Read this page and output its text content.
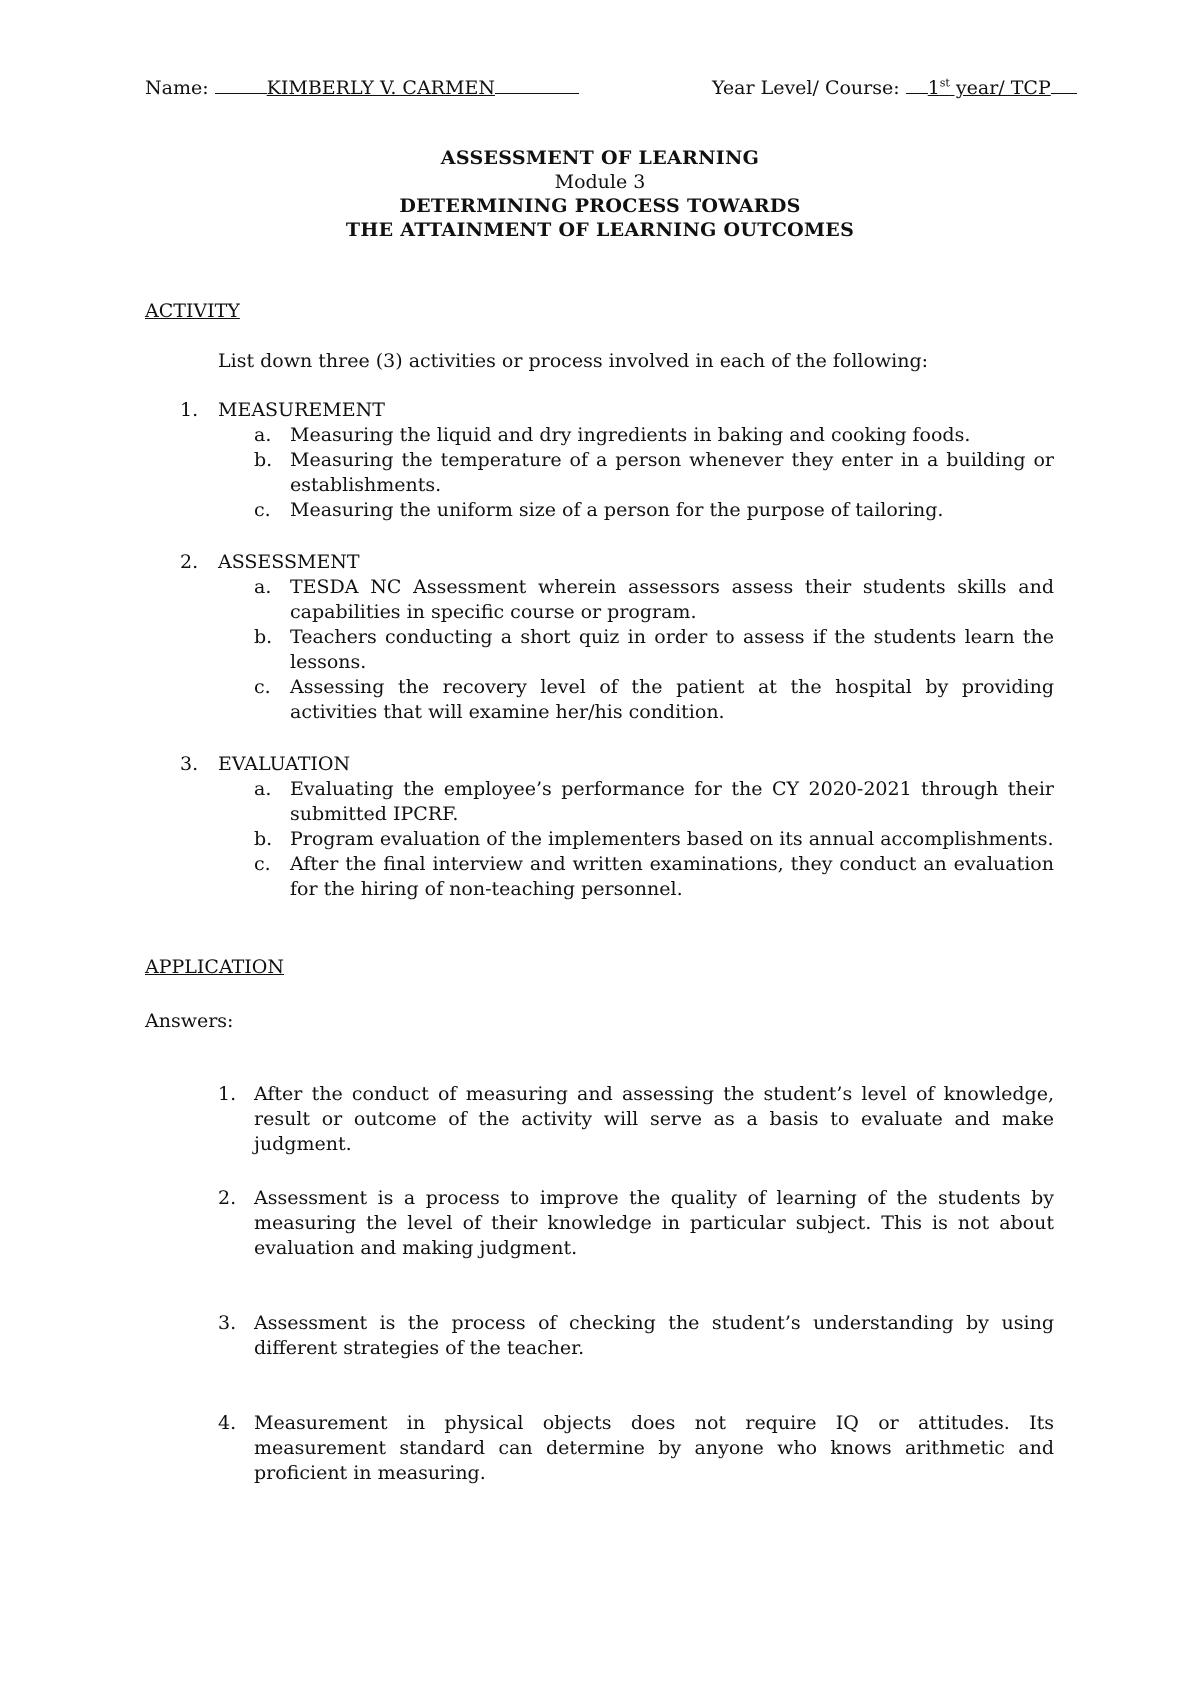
Name:	KIMBERLY V. CARMEN	Year Level/ Course: 1st year/ TCP
ASSESSMENT OF LEARNING
Module 3
DETERMINING PROCESS TOWARDS
THE ATTAINMENT OF LEARNING OUTCOMES
ACTIVITY
List down three (3) activities or process involved in each of the following:
1. MEASUREMENT
a. Measuring the liquid and dry ingredients in baking and cooking foods.
b. Measuring the temperature of a person whenever they enter in a building or establishments.
c. Measuring the uniform size of a person for the purpose of tailoring.
2. ASSESSMENT
a. TESDA NC Assessment wherein assessors assess their students skills and capabilities in specific course or program.
b. Teachers conducting a short quiz in order to assess if the students learn the lessons.
c. Assessing the recovery level of the patient at the hospital by providing activities that will examine her/his condition.
3. EVALUATION
a. Evaluating the employee’s performance for the CY 2020-2021 through their submitted IPCRF.
b. Program evaluation of the implementers based on its annual accomplishments.
c. After the final interview and written examinations, they conduct an evaluation for the hiring of non-teaching personnel.
APPLICATION
Answers:
1. After the conduct of measuring and assessing the student’s level of knowledge, result or outcome of the activity will serve as a basis to evaluate and make judgment.
2. Assessment is a process to improve the quality of learning of the students by measuring the level of their knowledge in particular subject. This is not about evaluation and making judgment.
3. Assessment is the process of checking the student’s understanding by using different strategies of the teacher.
4. Measurement in physical objects does not require IQ or attitudes. Its measurement standard can determine by anyone who knows arithmetic and proficient in measuring.
